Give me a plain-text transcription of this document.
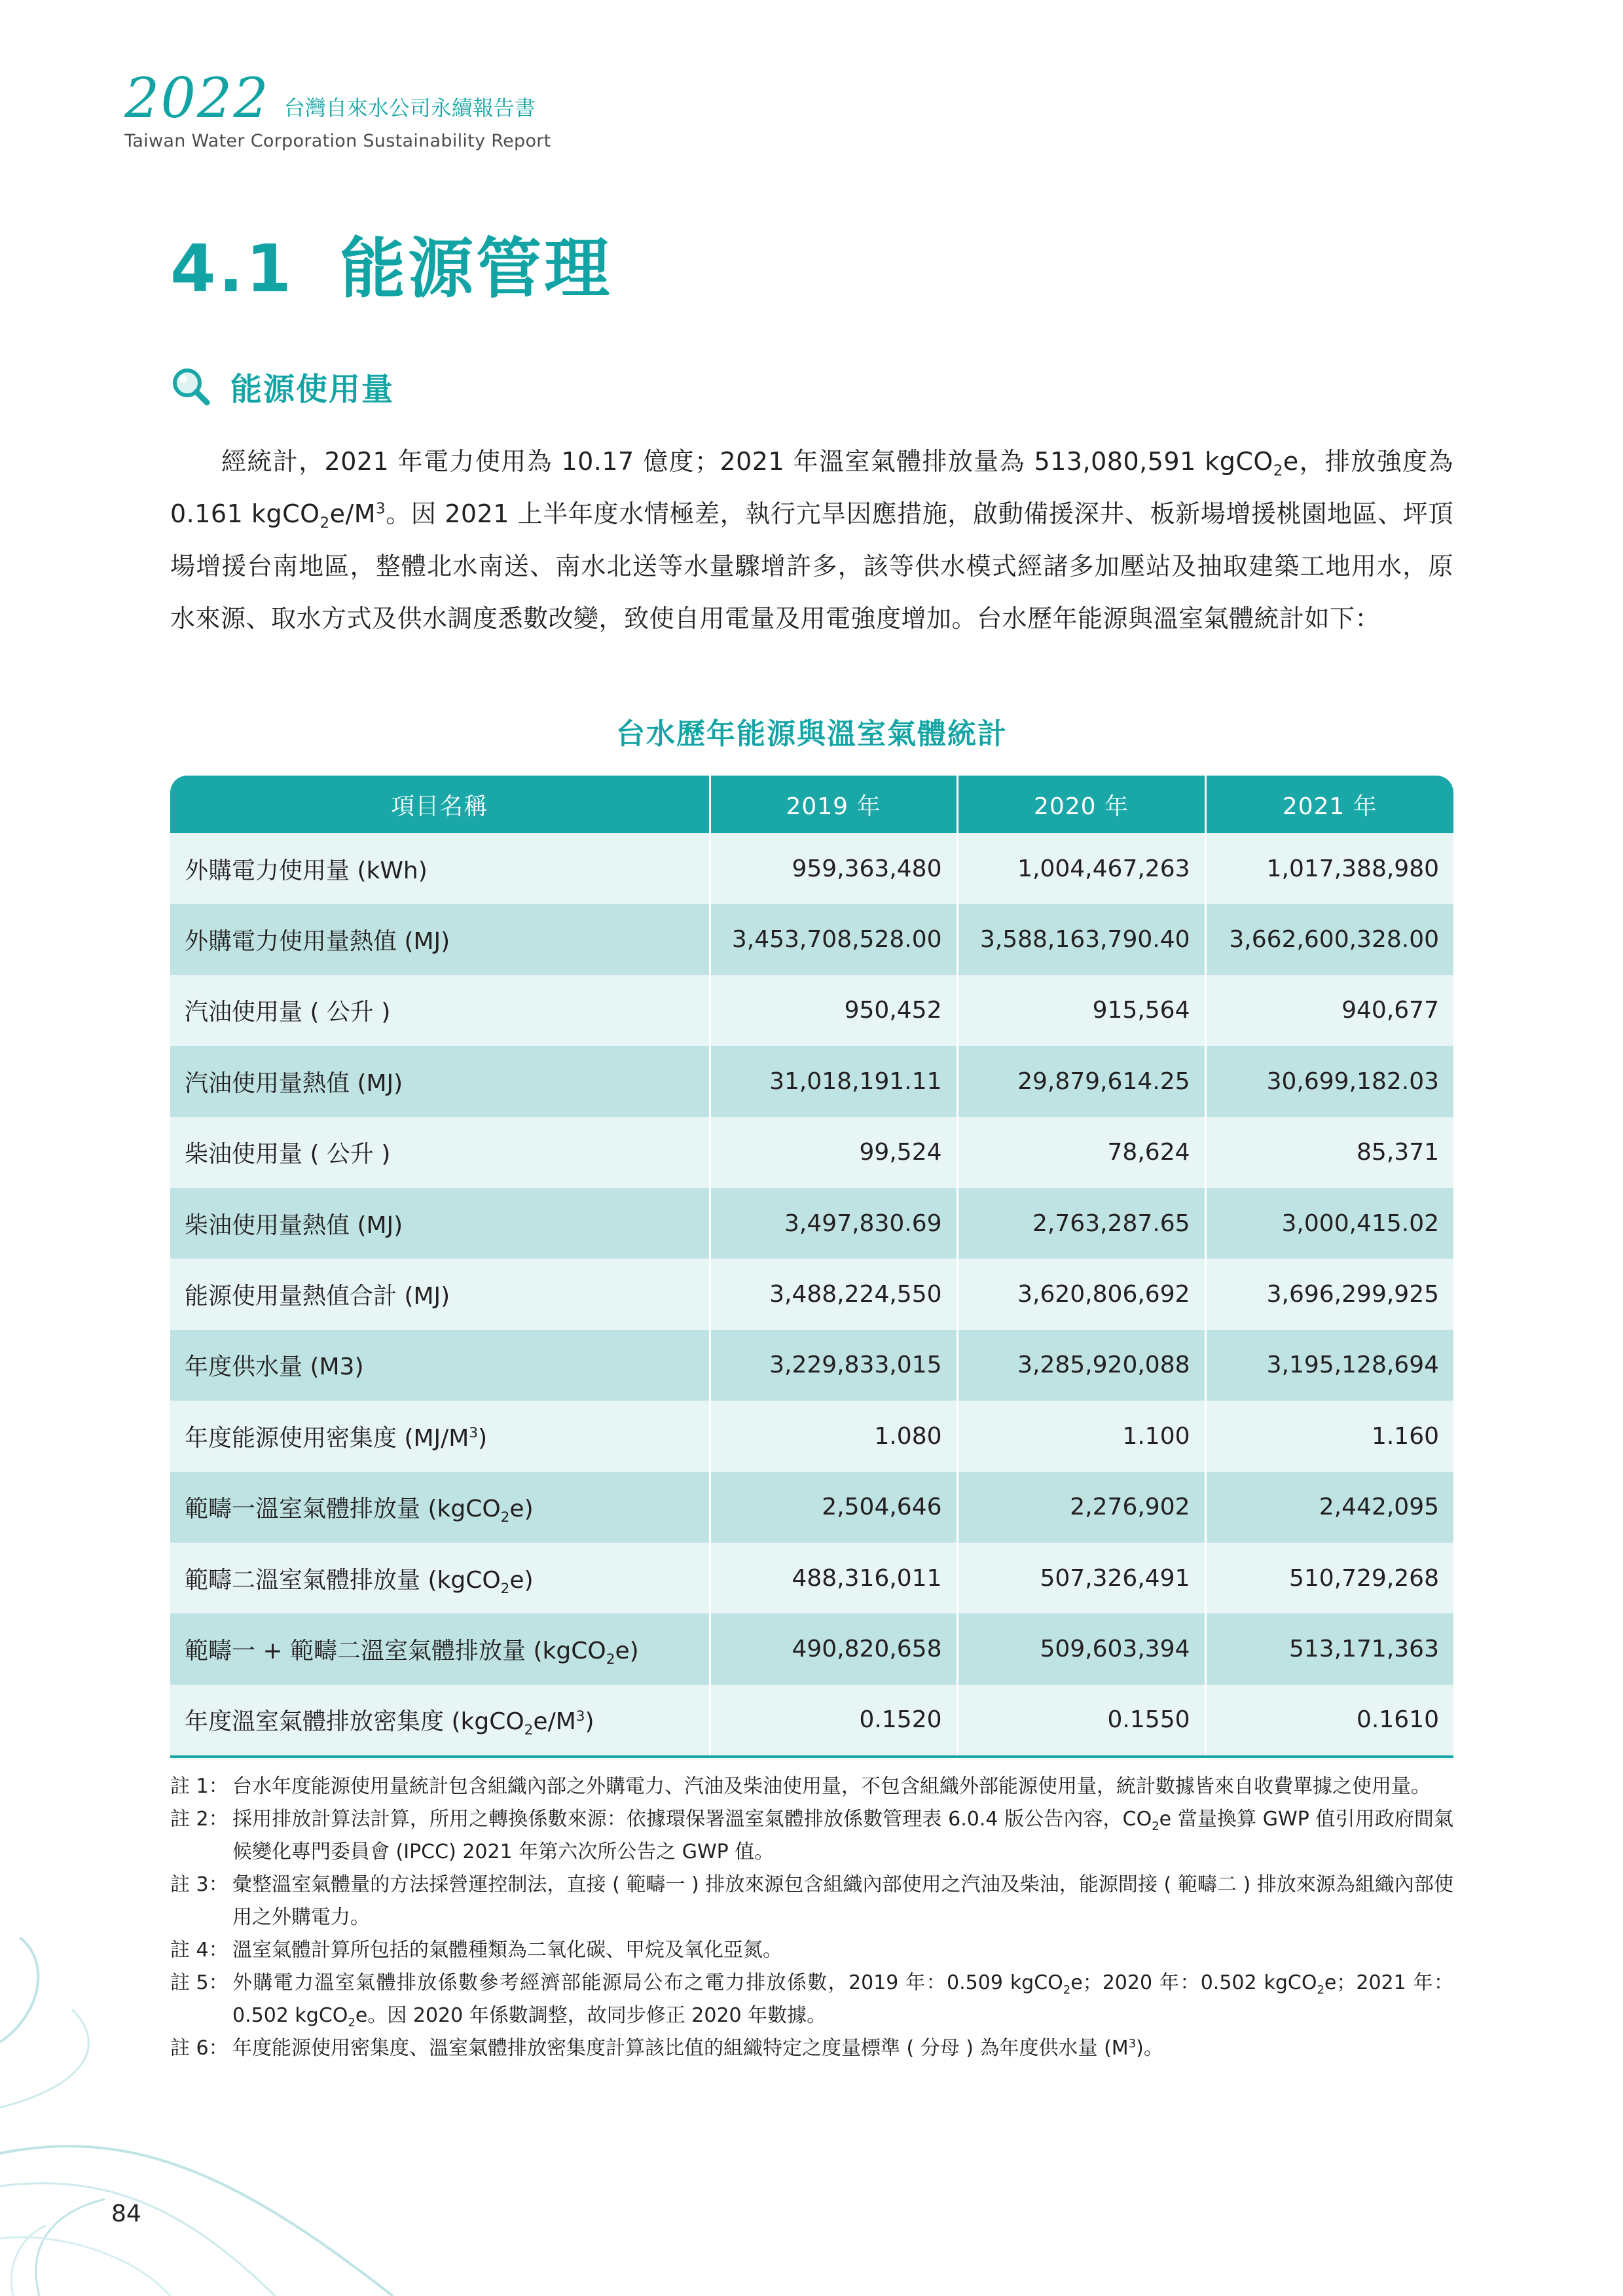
2022 台灣自來水公司永續報告書
Taiwan Water Corporation Sustainability Report
4.1 能源管理
能源使用量

經統計，2021 年電力使用為 10.17 億度；2021 年溫室氣體排放量為 513,080,591 kgCO$_2$e，排放強度為 0.161 $kgCO_2e/M^3$。因 2021 上半年度水情極差，執行亢旱因應措施，啟動備援深井、板新場增援桃園地區、坪頂場增援台南地區，整體北水南送、南水北送等水量驟增許多，該等供水模式經諸多加壓站及抽取建築工地用水，原水來源、取水方式及供水調度悉數改變，致使自用電量及用電強度增加。台水歷年能源與溫室氣體統計如下：

台水歷年能源與溫室氣體統計
項目名稱	2019 年	2020 年	2021 年
外購電力使用量 (kWh)	959,363,480	1,004,467,263	1,017,388,980
外購電力使用量熱值 (MJ)	3,453,708,528.00	3,588,163,790.40	3,662,600,328.00
汽油使用量 ( 公升 )	950,452	915,564	940,677
汽油使用量熱值 (MJ)	31,018,191.11	29,879,614.25	30,699,182.03
柴油使用量 ( 公升 )	99,524	78,624	85,371
柴油使用量熱值 (MJ)	3,497,830.69	2,763,287.65	3,000,415.02
能源使用量熱值合計 (MJ)	3,488,224,550	3,620,806,692	3,696,299,925
年度供水量 (M3)	3,229,833,015	3,285,920,088	3,195,128,694
年度能源使用密集度 $(MJ/M^3)$	1.080	1.100	1.160
範疇一溫室氣體排放量 (kgCO$_2$e)	2,504,646	2,276,902	2,442,095
範疇二溫室氣體排放量 (kgCO$_2$e)	488,316,011	507,326,491	510,729,268
範疇一 + 範疇二溫室氣體排放量 (kgCO$_2$e)	490,820,658	509,603,394	513,171,363
年度溫室氣體排放密集度 $(kgCO_2e/M^3)$	0.1520	0.1550	0.1610
註 1： 台水年度能源使用量統計包含組織內部之外購電力、汽油及柴油使用量，不包含組織外部能源使用量，統計數據皆來自收費單據之使用量。
註 2： 採用排放計算法計算，所用之轉換係數來源：依據環保署溫室氣體排放係數管理表 6.0.4 版公告內容，$CO_2e$ 當量換算 GWP 值引用政府間氣候變化專門委員會 (IPCC) 2021 年第六次所公告之 GWP 值。
註 3： 彙整溫室氣體量的方法採營運控制法，直接 ( 範疇一 ) 排放來源包含組織內部使用之汽油及柴油，能源間接 ( 範疇二 ) 排放來源為組織內部使用之外購電力。
註 4： 溫室氣體計算所包括的氣體種類為二氧化碳、甲烷及氧化亞氮。
註 5： 外購電力溫室氣體排放係數參考經濟部能源局公布之電力排放係數，2019 年：0.509 kgCO$_2$e；2020 年：0.502 kgCO$_2$e；2021 年：0.502 kgCO$_2$e。因 2020 年係數調整，故同步修正 2020 年數據。
註 6： 年度能源使用密集度、溫室氣體排放密集度計算該比值的組織特定之度量標準 ( 分母 ) 為年度供水量 $(M^3)$。
84
